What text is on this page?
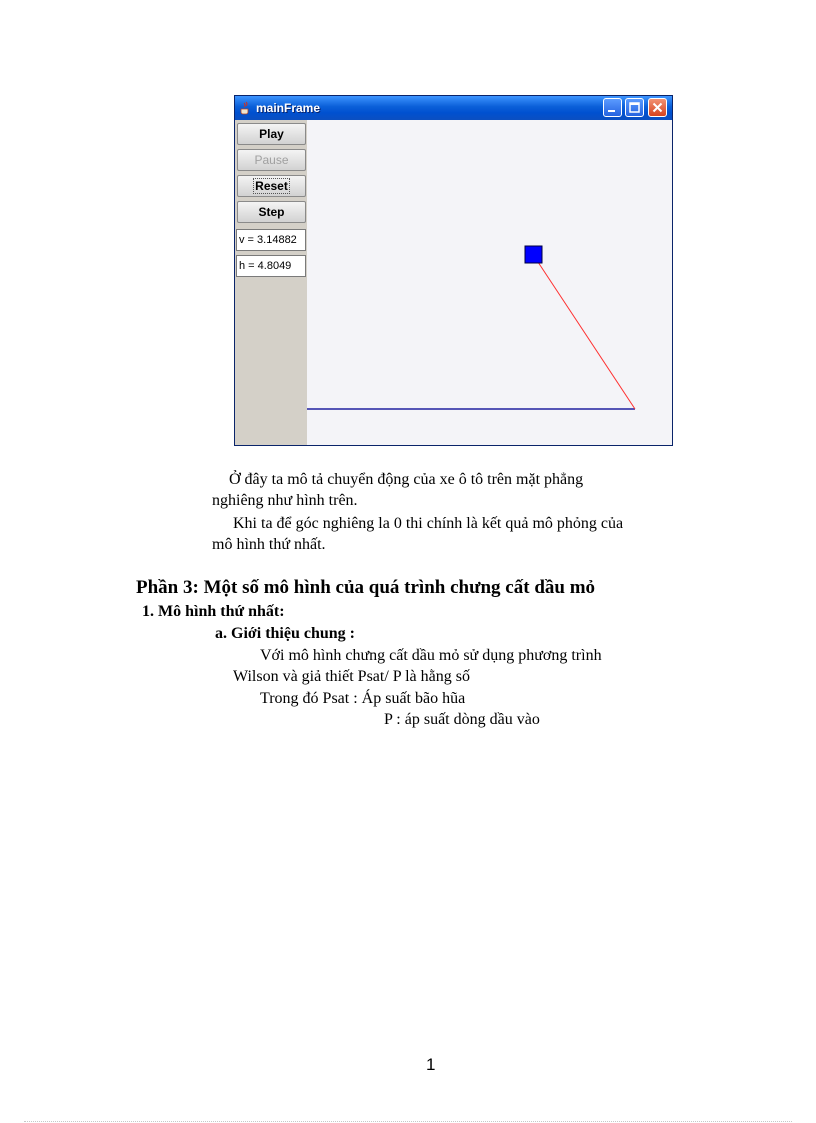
mainFrame
Play
Pause
Reset
Step
v = 3.14882
h = 4.8049
Ở đây ta mô tả chuyển động của xe ô tô trên mặt phẳng
nghiêng như hình trên.
Khi ta để góc nghiêng la 0 thi chính là kết quả mô phỏng của
mô hình thứ nhất.
Phần 3: Một số mô hình của quá trình chưng cất dầu mỏ
1. Mô hình thứ nhất:
a. Giới thiệu chung :
Với mô hình chưng cất dầu mỏ sử dụng phương trình
Wilson và giả thiết Psat/ P là hằng số
Trong đó Psat : Áp suất bão hũa
P : áp suất dòng dầu vào
1
